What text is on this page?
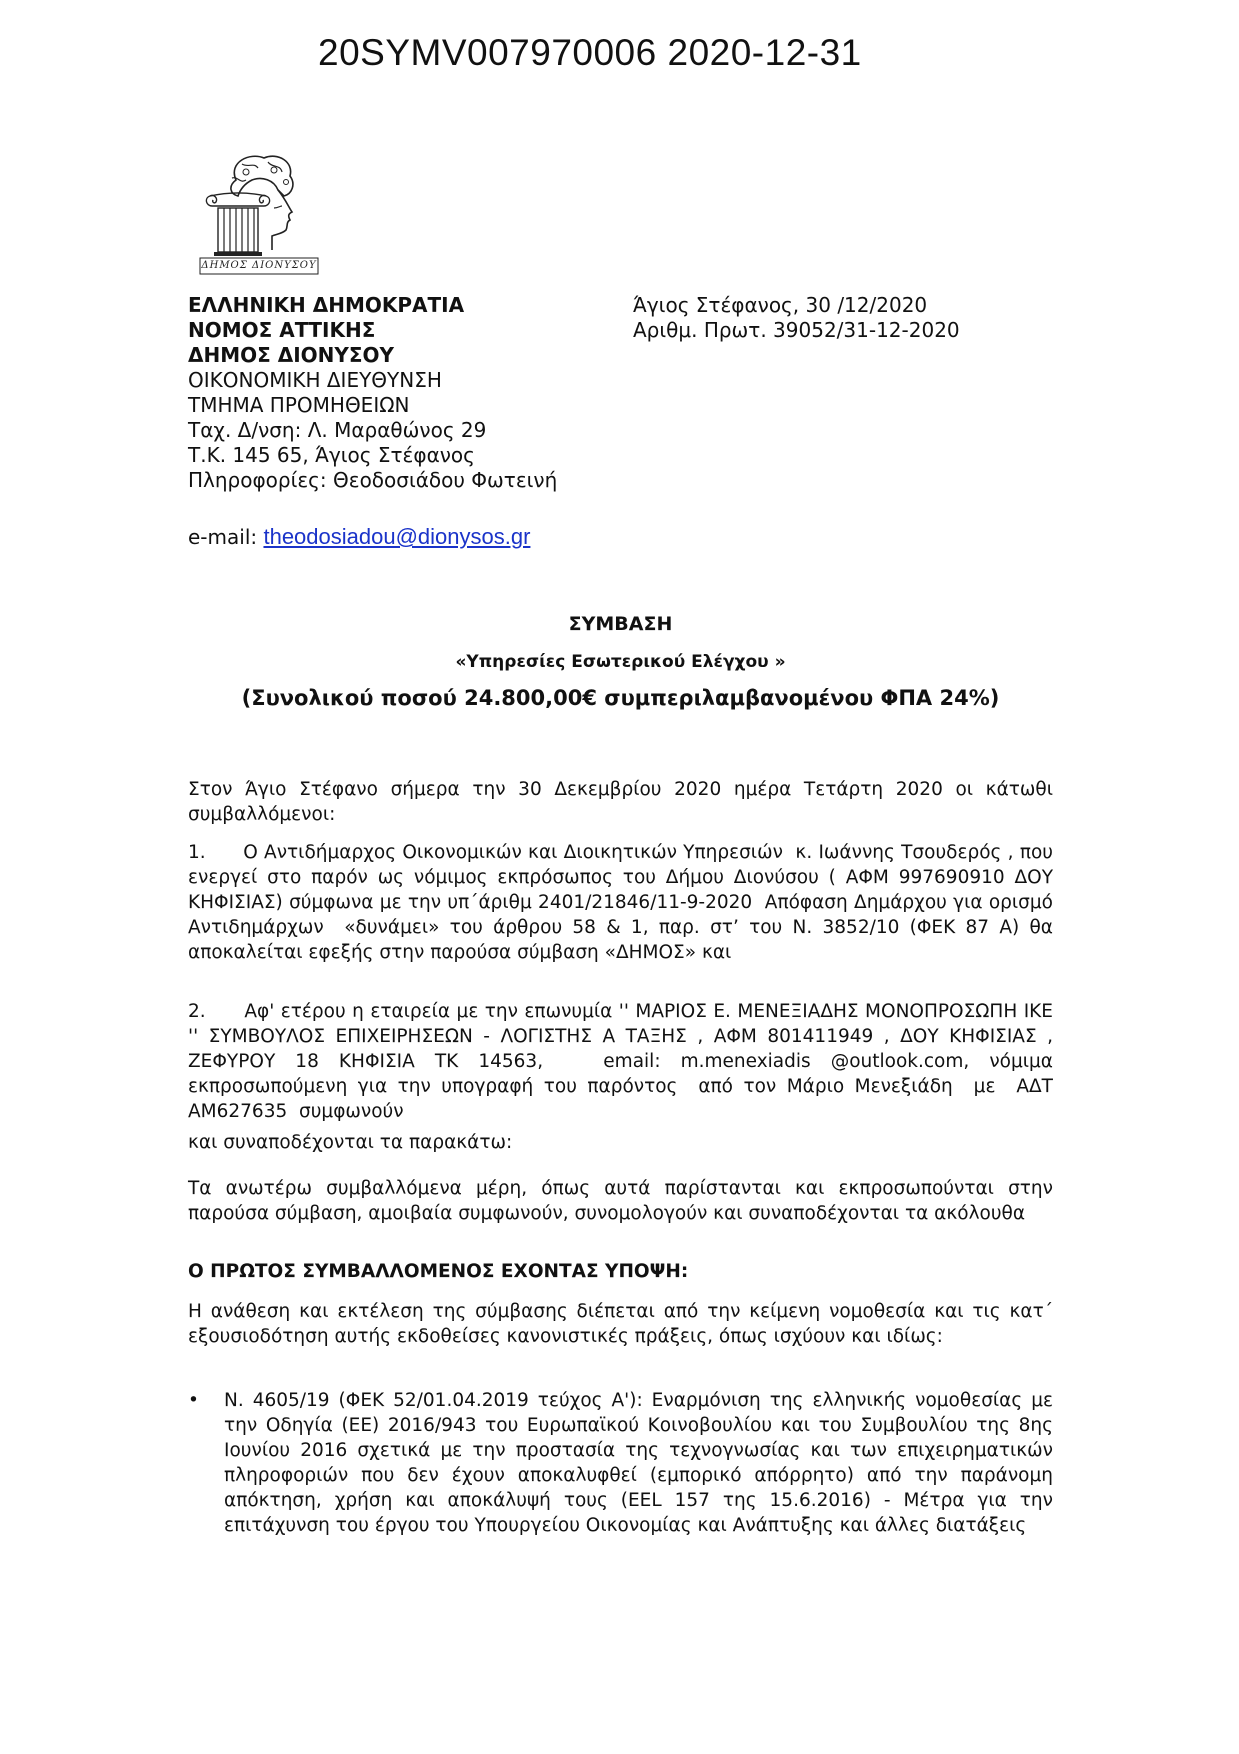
20SYMV007970006 2020-12-31
ΔΗΜΟΣ ΔΙΟΝΥΣΟΥ
ΕΛΛΗΝΙΚΗ ΔΗΜΟΚΡΑΤΙΑ
ΝΟΜΟΣ ΑΤΤΙΚΗΣ
ΔΗΜΟΣ ΔΙΟΝΥΣΟΥ
ΟΙΚΟΝΟΜΙΚΗ ΔΙΕΥΘΥΝΣΗ
ΤΜΗΜΑ ΠΡΟΜΗΘΕΙΩΝ
Ταχ. Δ/νση: Λ. Μαραθώνος 29
Τ.Κ. 145 65, Άγιος Στέφανος
Πληροφορίες: Θεοδοσιάδου Φωτεινή
Άγιος Στέφανος, 30 /12/2020
Αριθμ. Πρωτ. 39052/31-12-2020
e-mail: theodosiadou@dionysos.gr
ΣΥΜΒΑΣΗ
«Υπηρεσίες Εσωτερικού Ελέγχου »
(Συνολικού ποσού 24.800,00€ συμπεριλαμβανομένου ΦΠΑ 24%)
Στον Άγιο Στέφανο σήμερα την 30 Δεκεμβρίου 2020 ημέρα Τετάρτη 2020 οι κάτωθι συμβαλλόμενοι:
1.      Ο Αντιδήμαρχος Οικονομικών και Διοικητικών Υπηρεσιών  κ. Ιωάννης Τσουδερός , που ενεργεί στο παρόν ως νόμιμος εκπρόσωπος του Δήμου Διονύσου ( ΑΦΜ 997690910 ΔΟΥ ΚΗΦΙΣΙΑΣ) σύμφωνα με την υπ΄άριθμ 2401/21846/11-9-2020  Απόφαση Δημάρχου για ορισμό Αντιδημάρχων  «δυνάμει» του άρθρου 58 & 1, παρ. στ’ του Ν. 3852/10 (ΦΕΚ 87 Α) θα αποκαλείται εφεξής στην παρούσα σύμβαση «ΔΗΜΟΣ» και
2.      Αφ' ετέρου η εταιρεία με την επωνυμία '' ΜΑΡΙΟΣ Ε. ΜΕΝΕΞΙΑΔΗΣ ΜΟΝΟΠΡΟΣΩΠΗ ΙΚΕ '' ΣΥΜΒΟΥΛΟΣ ΕΠΙΧΕΙΡΗΣΕΩΝ - ΛΟΓΙΣΤΗΣ Α ΤΑΞΗΣ , ΑΦΜ 801411949 , ΔΟΥ ΚΗΦΙΣΙΑΣ , ΖΕΦΥΡΟΥ 18 ΚΗΦΙΣΙΑ ΤΚ 14563,   email: m.menexiadis @outlook.com, νόμιμα εκπροσωπούμενη για την υπογραφή του παρόντος  από τον Μάριο Μενεξιάδη  με  ΑΔΤ    ΑΜ627635  συμφωνούν
και συναποδέχονται τα παρακάτω:
Τα ανωτέρω συμβαλλόμενα μέρη, όπως αυτά παρίστανται και εκπροσωπούνται στην παρούσα σύμβαση, αμοιβαία συμφωνούν, συνομολογούν και συναποδέχονται τα ακόλουθα
Ο ΠΡΩΤΟΣ ΣΥΜΒΑΛΛΟΜΕΝΟΣ ΕΧΟΝΤΑΣ ΥΠΟΨΗ:
Η ανάθεση και εκτέλεση της σύμβασης διέπεται από την κείμενη νομοθεσία και τις κατ΄ εξουσιοδότηση αυτής εκδοθείσες κανονιστικές πράξεις, όπως ισχύουν και ιδίως:
•	Ν. 4605/19 (ΦΕΚ 52/01.04.2019 τεύχος Α'): Εναρμόνιση της ελληνικής νομοθεσίας με την Οδηγία (ΕΕ) 2016/943 του Ευρωπαϊκού Κοινοβουλίου και του Συμβουλίου της 8ης Ιουνίου 2016 σχετικά με την προστασία της τεχνογνωσίας και των επιχειρηματικών πληροφοριών που δεν έχουν αποκαλυφθεί (εμπορικό απόρρητο) από την παράνομη απόκτηση, χρήση και αποκάλυψή τους (EEL 157 της 15.6.2016) - Μέτρα για την επιτάχυνση του έργου του Υπουργείου Οικονομίας και Ανάπτυξης και άλλες διατάξεις
